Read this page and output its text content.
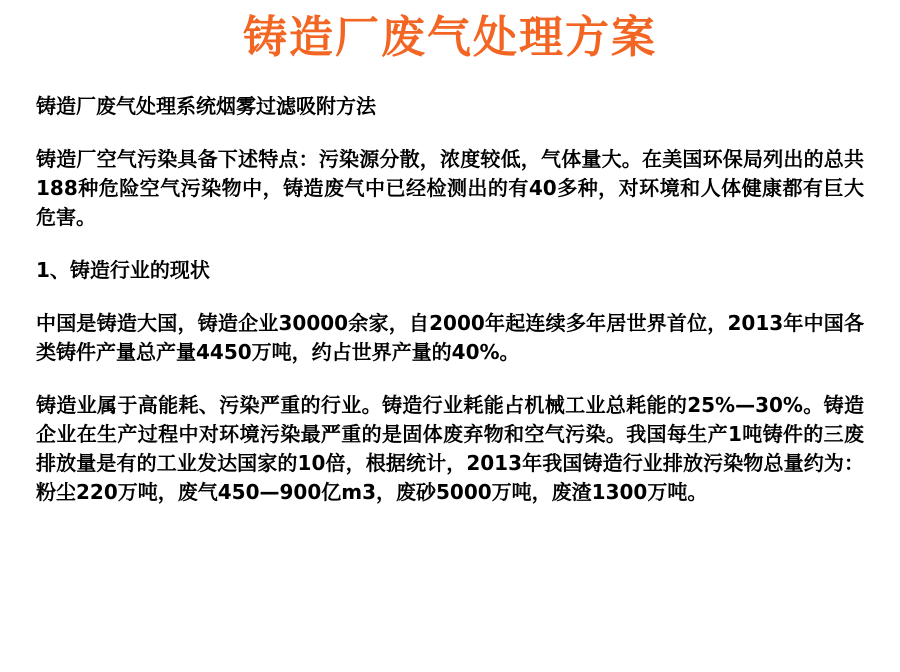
铸造厂废气处理方案

铸造厂废气处理系统烟雾过滤吸附方法

铸造厂空气污染具备下述特点：污染源分散，浓度较低，气体量大。在美国环保局列出的总共188种危险空气污染物中，铸造废气中已经检测出的有40多种，对环境和人体健康都有巨大危害。

1、铸造行业的现状

中国是铸造大国，铸造企业30000余家，自2000年起连续多年居世界首位，2013年中国各类铸件产量总产量4450万吨，约占世界产量的40%。

铸造业属于高能耗、污染严重的行业。铸造行业耗能占机械工业总耗能的25%—30%。铸造企业在生产过程中对环境污染最严重的是固体废弃物和空气污染。我国每生产1吨铸件的三废排放量是有的工业发达国家的10倍，根据统计，2013年我国铸造行业排放污染物总量约为：粉尘220万吨，废气450—900亿m3，废砂5000万吨，废渣1300万吨。
